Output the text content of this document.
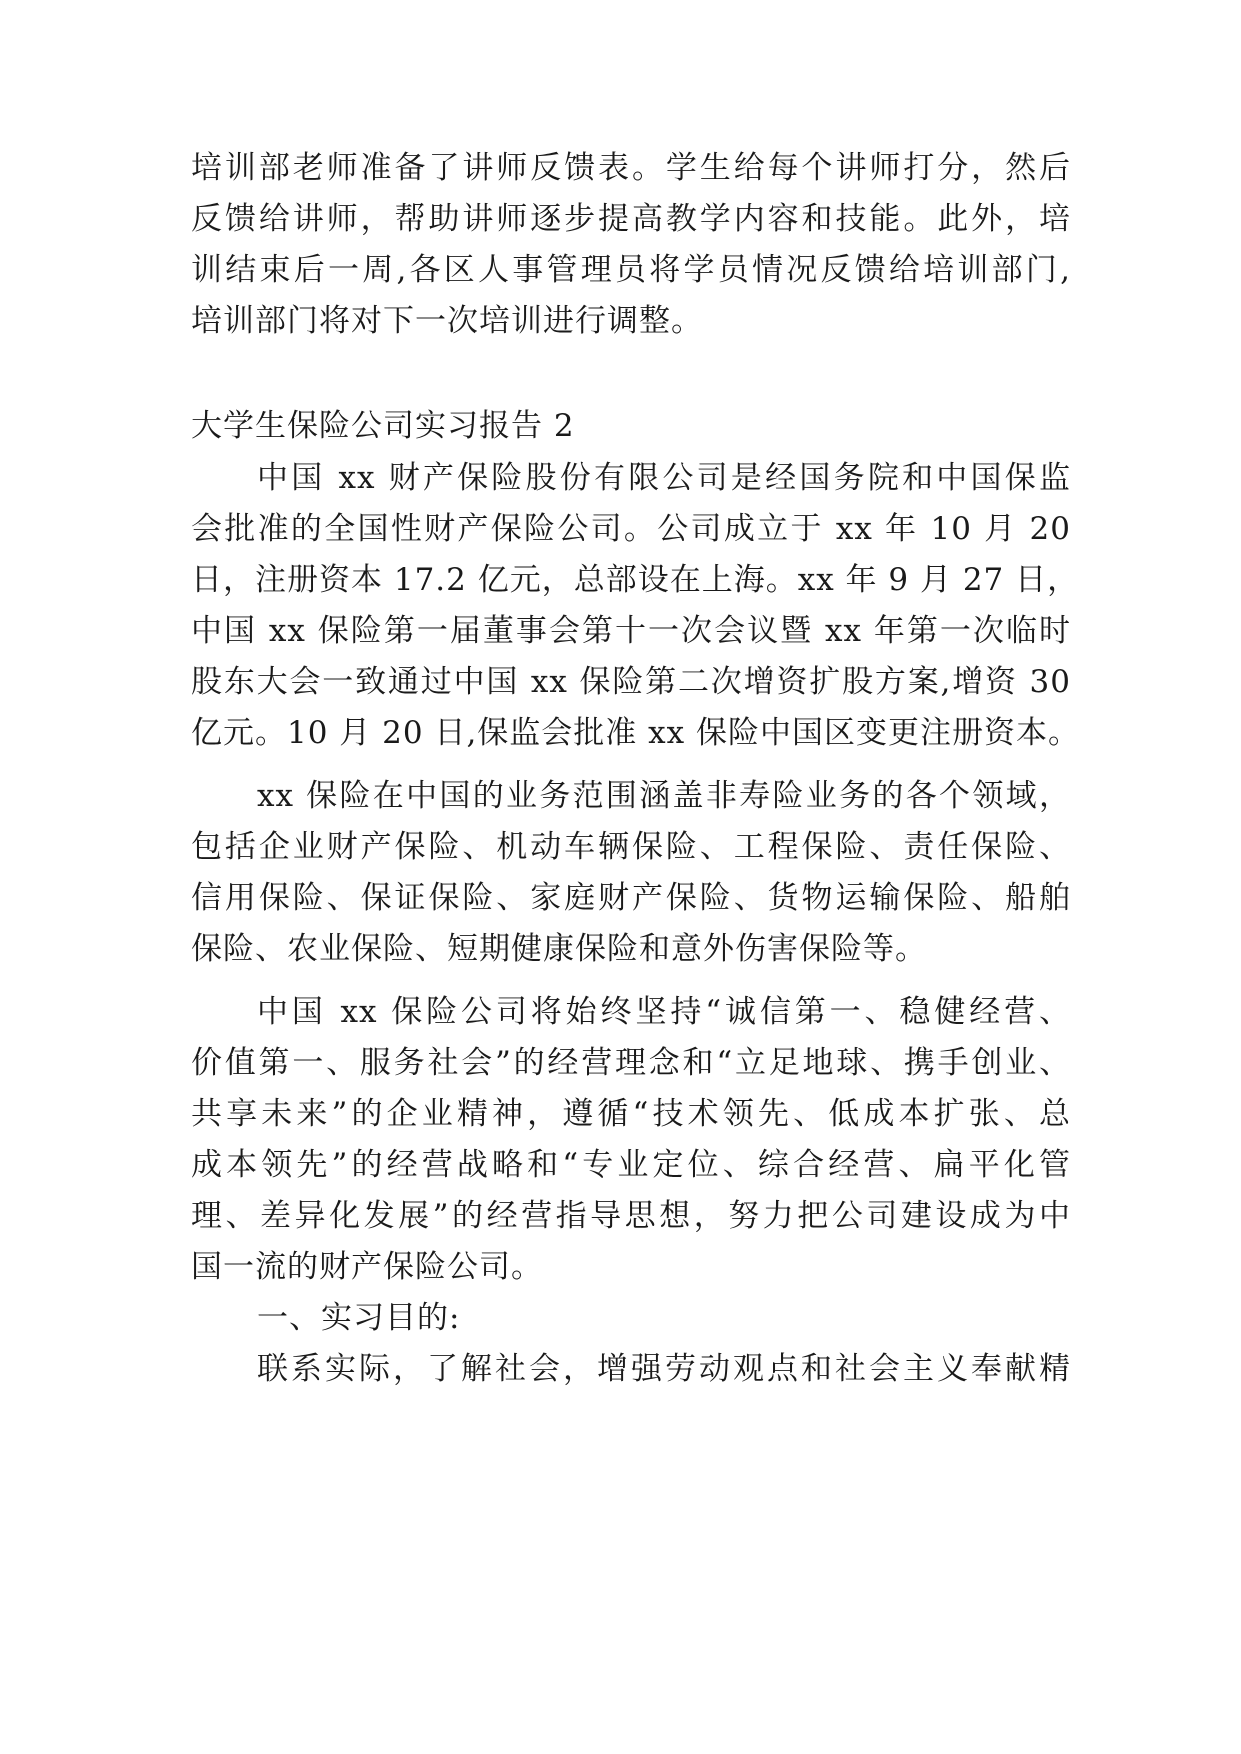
培训部老师准备了讲师反馈表。学生给每个讲师打分，然后
反馈给讲师，帮助讲师逐步提高教学内容和技能。此外，培
训结束后一周,各区人事管理员将学员情况反馈给培训部门,
培训部门将对下一次培训进行调整。
大学生保险公司实习报告 2
中国 xx 财产保险股份有限公司是经国务院和中国保监
会批准的全国性财产保险公司。公司成立于 xx 年 10 月 20
日，注册资本 17.2 亿元，总部设在上海。xx 年 9 月 27 日，
中国 xx 保险第一届董事会第十一次会议暨 xx 年第一次临时
股东大会一致通过中国 xx 保险第二次增资扩股方案,增资 30
亿元。10 月 20 日,保监会批准 xx 保险中国区变更注册资本。
xx 保险在中国的业务范围涵盖非寿险业务的各个领域，
包括企业财产保险、机动车辆保险、工程保险、责任保险、
信用保险、保证保险、家庭财产保险、货物运输保险、船舶
保险、农业保险、短期健康保险和意外伤害保险等。
中国 xx 保险公司将始终坚持“诚信第一、稳健经营、
价值第一、服务社会”的经营理念和“立足地球、携手创业、
共享未来”的企业精神，遵循“技术领先、低成本扩张、总
成本领先”的经营战略和“专业定位、综合经营、扁平化管
理、差异化发展”的经营指导思想，努力把公司建设成为中
国一流的财产保险公司。
一、实习目的:
联系实际，了解社会，增强劳动观点和社会主义奉献精
